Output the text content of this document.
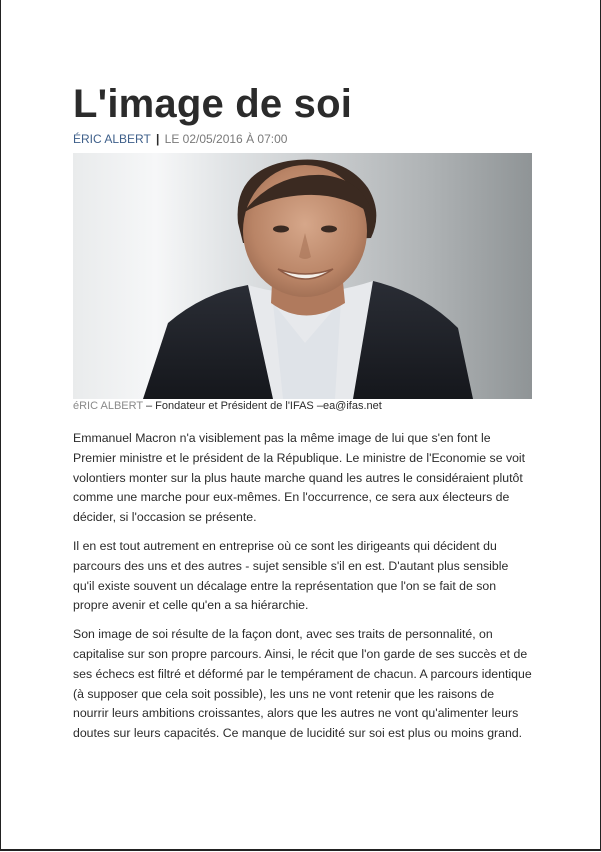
L'image de soi
ÉRIC ALBERT | LE 02/05/2016 À 07:00
éRIC ALBERT – Fondateur et Président de l'IFAS –ea@ifas.net

Emmanuel Macron n'a visiblement pas la même image de lui que s'en font le Premier ministre et le président de la République. Le ministre de l'Economie se voit volontiers monter sur la plus haute marche quand les autres le considéraient plutôt comme une marche pour eux-mêmes. En l'occurrence, ce sera aux électeurs de décider, si l'occasion se présente.

Il en est tout autrement en entreprise où ce sont les dirigeants qui décident du parcours des uns et des autres - sujet sensible s'il en est. D'autant plus sensible qu'il existe souvent un décalage entre la représentation que l'on se fait de son propre avenir et celle qu'en a sa hiérarchie.

Son image de soi résulte de la façon dont, avec ses traits de personnalité, on capitalise sur son propre parcours. Ainsi, le récit que l'on garde de ses succès et de ses échecs est filtré et déformé par le tempérament de chacun. A parcours identique (à supposer que cela soit possible), les uns ne vont retenir que les raisons de nourrir leurs ambitions croissantes, alors que les autres ne vont qu'alimenter leurs doutes sur leurs capacités. Ce manque de lucidité sur soi est plus ou moins grand.
